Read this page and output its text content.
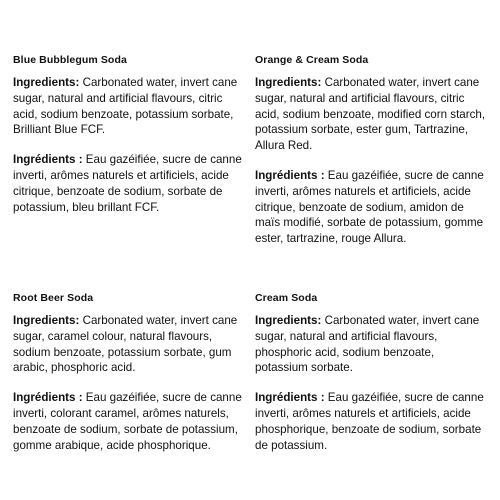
Blue Bubblegum Soda

Ingredients: Carbonated water, invert cane sugar, natural and artificial flavours, citric acid, sodium benzoate, potassium sorbate, Brilliant Blue FCF.

Ingrédients : Eau gazéifiée, sucre de canne inverti, arômes naturels et artificiels, acide citrique, benzoate de sodium, sorbate de potassium, bleu brillant FCF.

Orange & Cream Soda

Ingredients: Carbonated water, invert cane sugar, natural and artificial flavours, citric acid, sodium benzoate, modified corn starch, potassium sorbate, ester gum, Tartrazine, Allura Red.

Ingrédients : Eau gazéifiée, sucre de canne inverti, arômes naturels et artificiels, acide citrique, benzoate de sodium, amidon de maïs modifié, sorbate de potassium, gomme ester, tartrazine, rouge Allura.

Root Beer Soda

Ingredients: Carbonated water, invert cane sugar, caramel colour, natural flavours, sodium benzoate, potassium sorbate, gum arabic, phosphoric acid.

Ingrédients : Eau gazéifiée, sucre de canne inverti, colorant caramel, arômes naturels, benzoate de sodium, sorbate de potassium, gomme arabique, acide phosphorique.

Cream Soda

Ingredients: Carbonated water, invert cane sugar, natural and artificial flavours, phosphoric acid, sodium benzoate, potassium sorbate.

Ingrédients : Eau gazéifiée, sucre de canne inverti, arômes naturels et artificiels, acide phosphorique, benzoate de sodium, sorbate de potassium.
